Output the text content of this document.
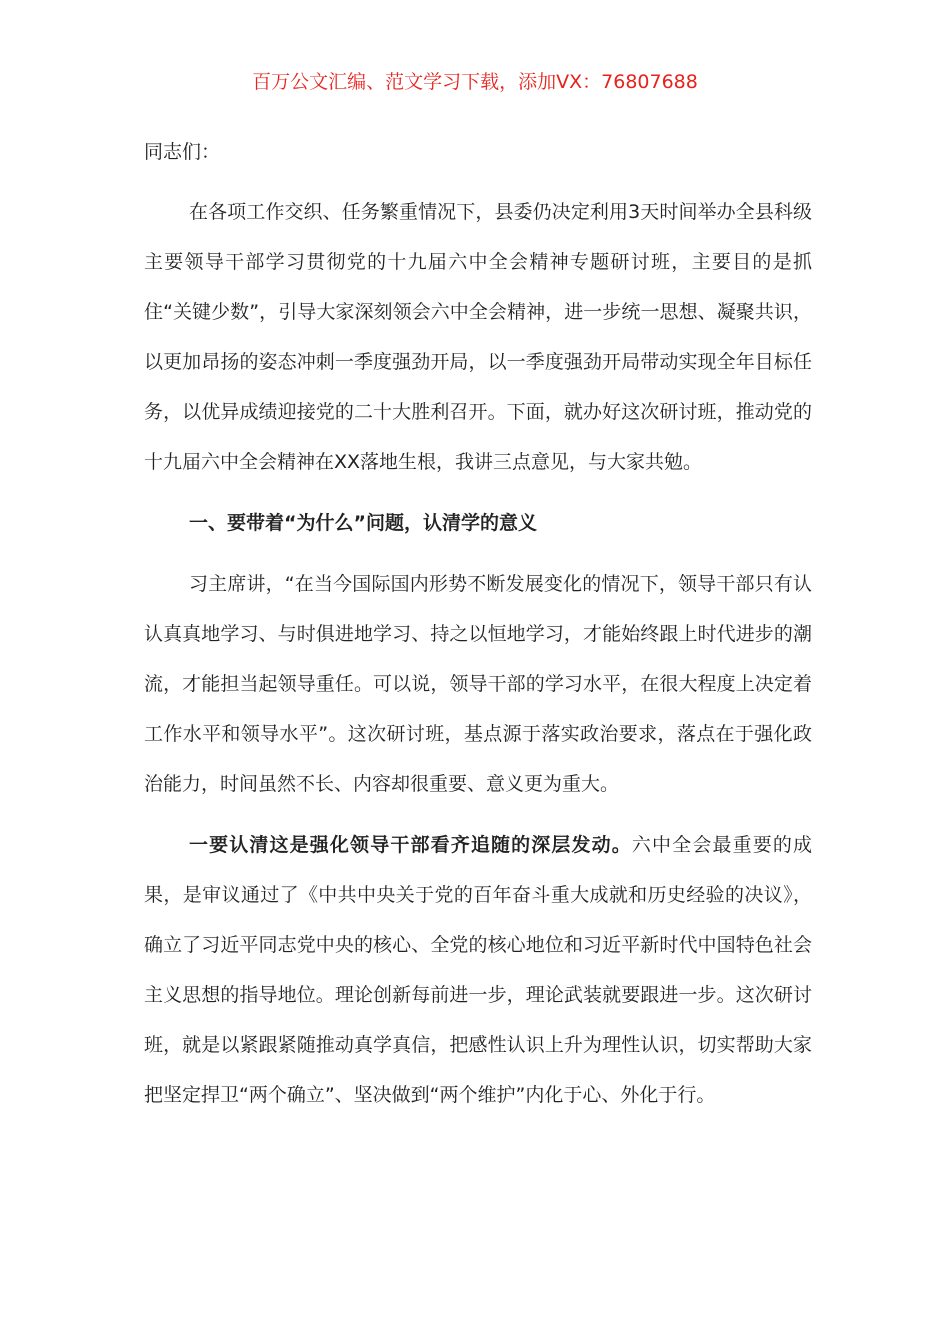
百万公文汇编、范文学习下载，添加VX：76807688

同志们：

在各项工作交织、任务繁重情况下，县委仍决定利用3天时间举办全县科级主要领导干部学习贯彻党的十九届六中全会精神专题研讨班，主要目的是抓住“关键少数”，引导大家深刻领会六中全会精神，进一步统一思想、凝聚共识，以更加昂扬的姿态冲刺一季度强劲开局，以一季度强劲开局带动实现全年目标任务，以优异成绩迎接党的二十大胜利召开。下面，就办好这次研讨班，推动党的十九届六中全会精神在XX落地生根，我讲三点意见，与大家共勉。

一、要带着“为什么”问题，认清学的意义

习主席讲，“在当今国际国内形势不断发展变化的情况下，领导干部只有认认真真地学习、与时俱进地学习、持之以恒地学习，才能始终跟上时代进步的潮流，才能担当起领导重任。可以说，领导干部的学习水平，在很大程度上决定着工作水平和领导水平”。这次研讨班，基点源于落实政治要求，落点在于强化政治能力，时间虽然不长、内容却很重要、意义更为重大。

一要认清这是强化领导干部看齐追随的深层发动。六中全会最重要的成果，是审议通过了《中共中央关于党的百年奋斗重大成就和历史经验的决议》，确立了习近平同志党中央的核心、全党的核心地位和习近平新时代中国特色社会主义思想的指导地位。理论创新每前进一步，理论武装就要跟进一步。这次研讨班，就是以紧跟紧随推动真学真信，把感性认识上升为理性认识，切实帮助大家把坚定捍卫“两个确立”、坚决做到“两个维护”内化于心、外化于行。
